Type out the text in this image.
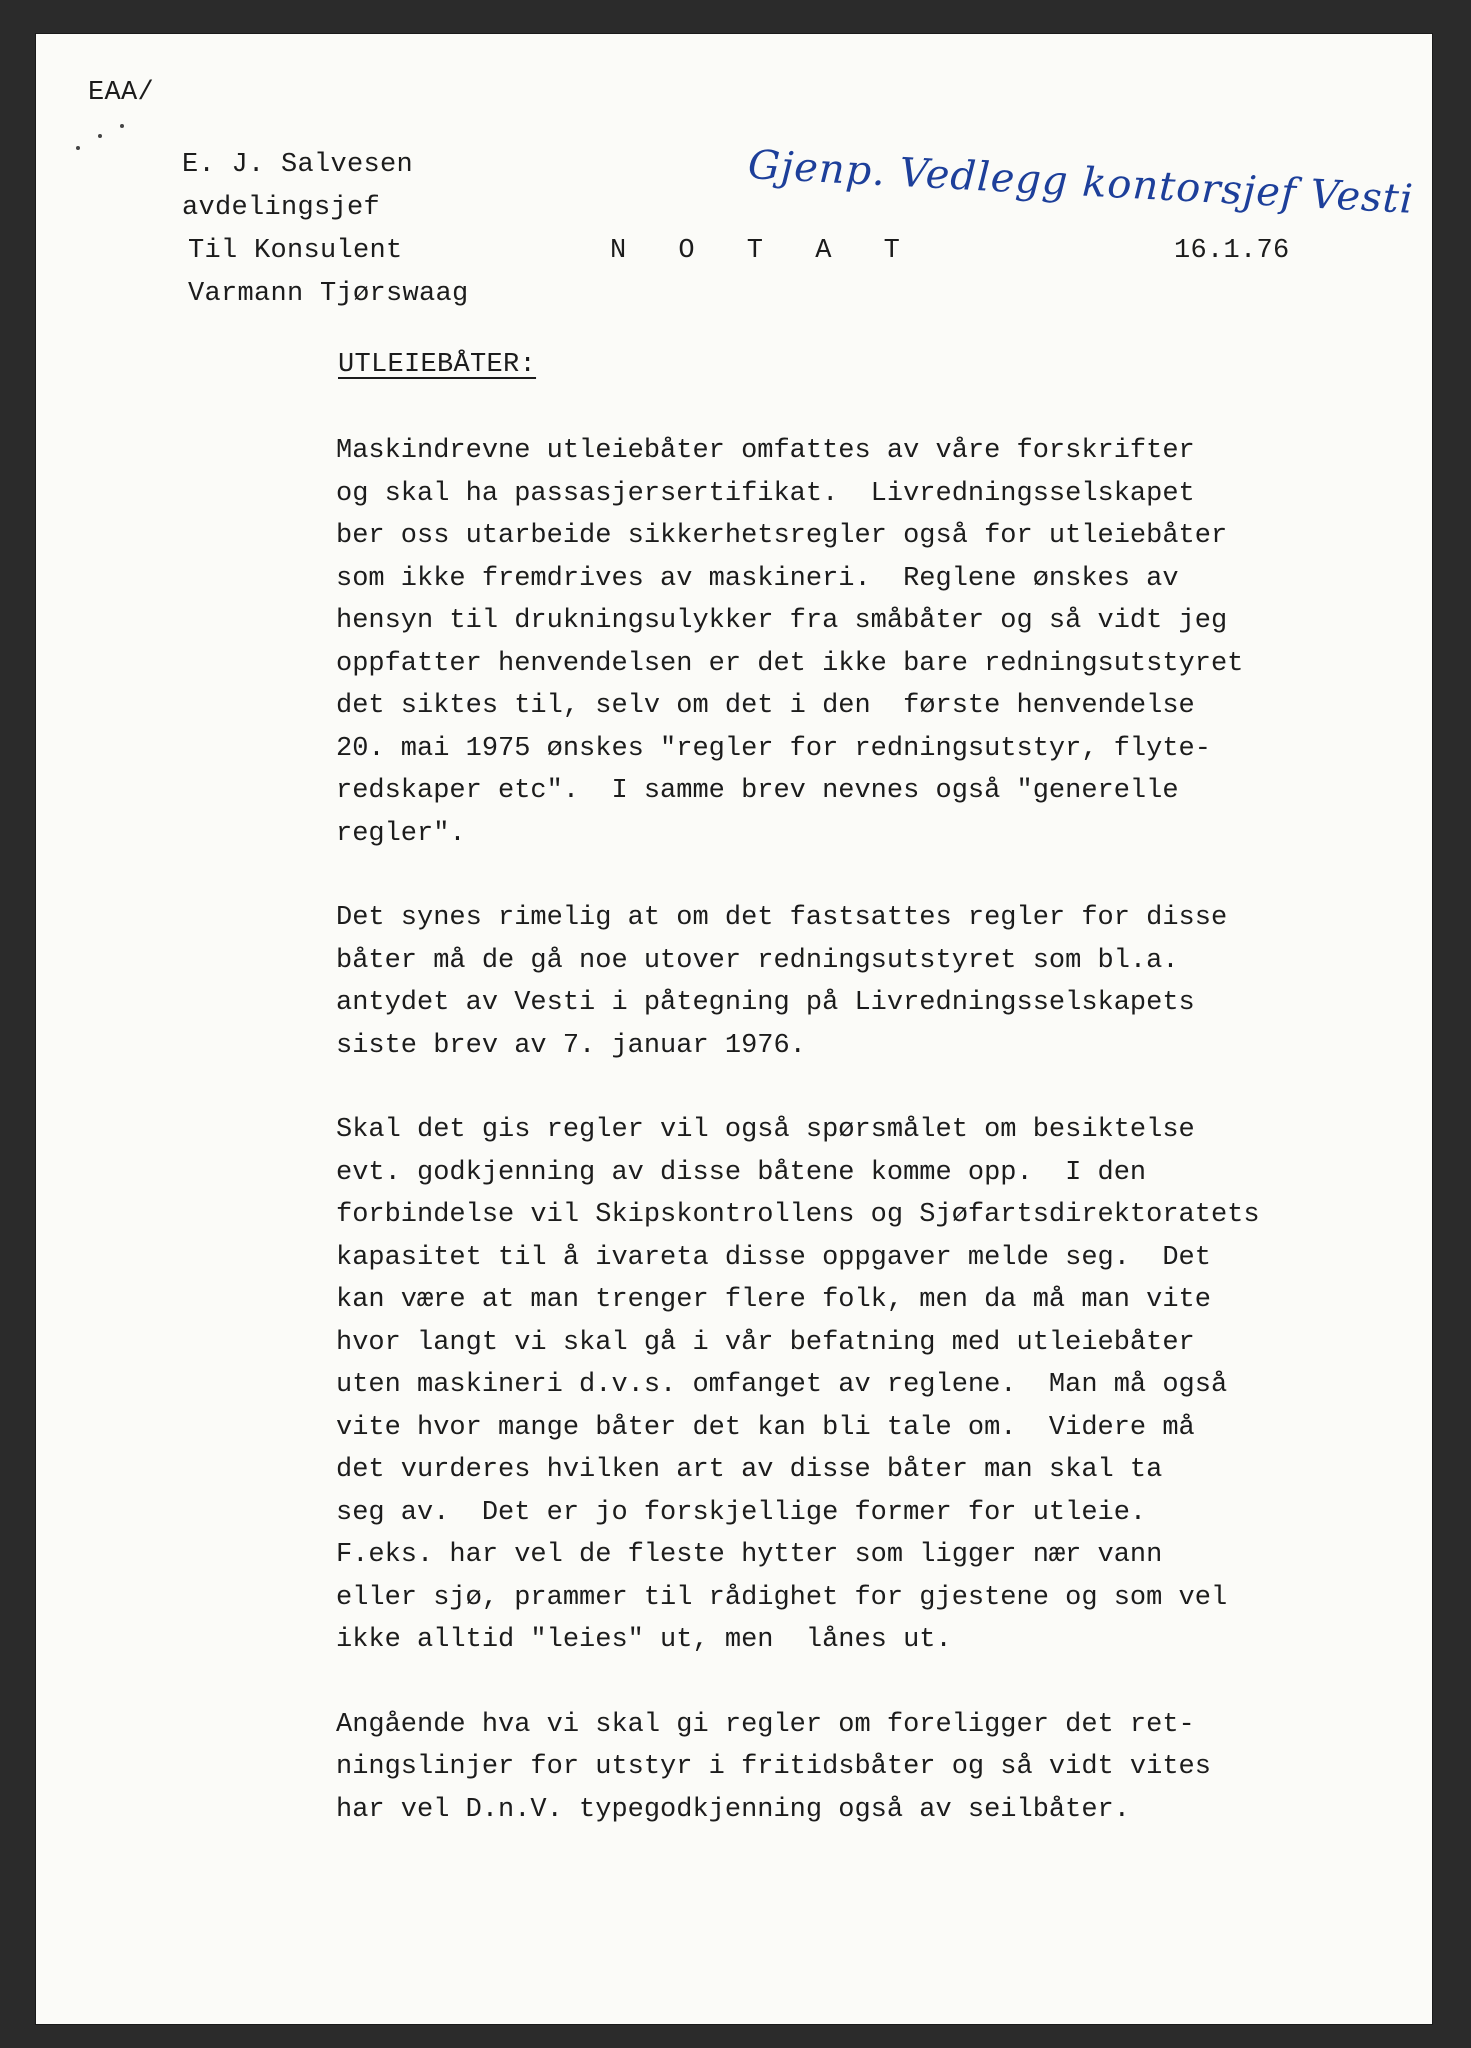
EAA/
E. J. Salvesen
avdelingsjef	Gjenp. Vedlegg kontorsjef Vesti
Til Konsulent
Varmann Tjørswaag
N O T A T	16.1.76
UTLEIEBÅTER:
Maskindrevne utleiebåter omfattes av våre forskrifter
og skal ha passasjersertifikat.  Livredningsselskapet
ber oss utarbeide sikkerhetsregler også for utleiebåter
som ikke fremdrives av maskineri.  Reglene ønskes av
hensyn til drukningsulykker fra småbåter og så vidt jeg
oppfatter henvendelsen er det ikke bare redningsutstyret
det siktes til, selv om det i den  første henvendelse
20. mai 1975 ønskes "regler for redningsutstyr, flyte-
redskaper etc".  I samme brev nevnes også "generelle
regler".
Det synes rimelig at om det fastsattes regler for disse
båter må de gå noe utover redningsutstyret som bl.a.
antydet av Vesti i påtegning på Livredningsselskapets
siste brev av 7. januar 1976.
Skal det gis regler vil også spørsmålet om besiktelse
evt. godkjenning av disse båtene komme opp.  I den
forbindelse vil Skipskontrollens og Sjøfartsdirektoratets
kapasitet til å ivareta disse oppgaver melde seg.  Det
kan være at man trenger flere folk, men da må man vite
hvor langt vi skal gå i vår befatning med utleiebåter
uten maskineri d.v.s. omfanget av reglene.  Man må også
vite hvor mange båter det kan bli tale om.  Videre må
det vurderes hvilken art av disse båter man skal ta
seg av.  Det er jo forskjellige former for utleie.
F.eks. har vel de fleste hytter som ligger nær vann
eller sjø, prammer til rådighet for gjestene og som vel
ikke alltid "leies" ut, men  lånes ut.
Angående hva vi skal gi regler om foreligger det ret-
ningslinjer for utstyr i fritidsbåter og så vidt vites
har vel D.n.V. typegodkjenning også av seilbåter.
